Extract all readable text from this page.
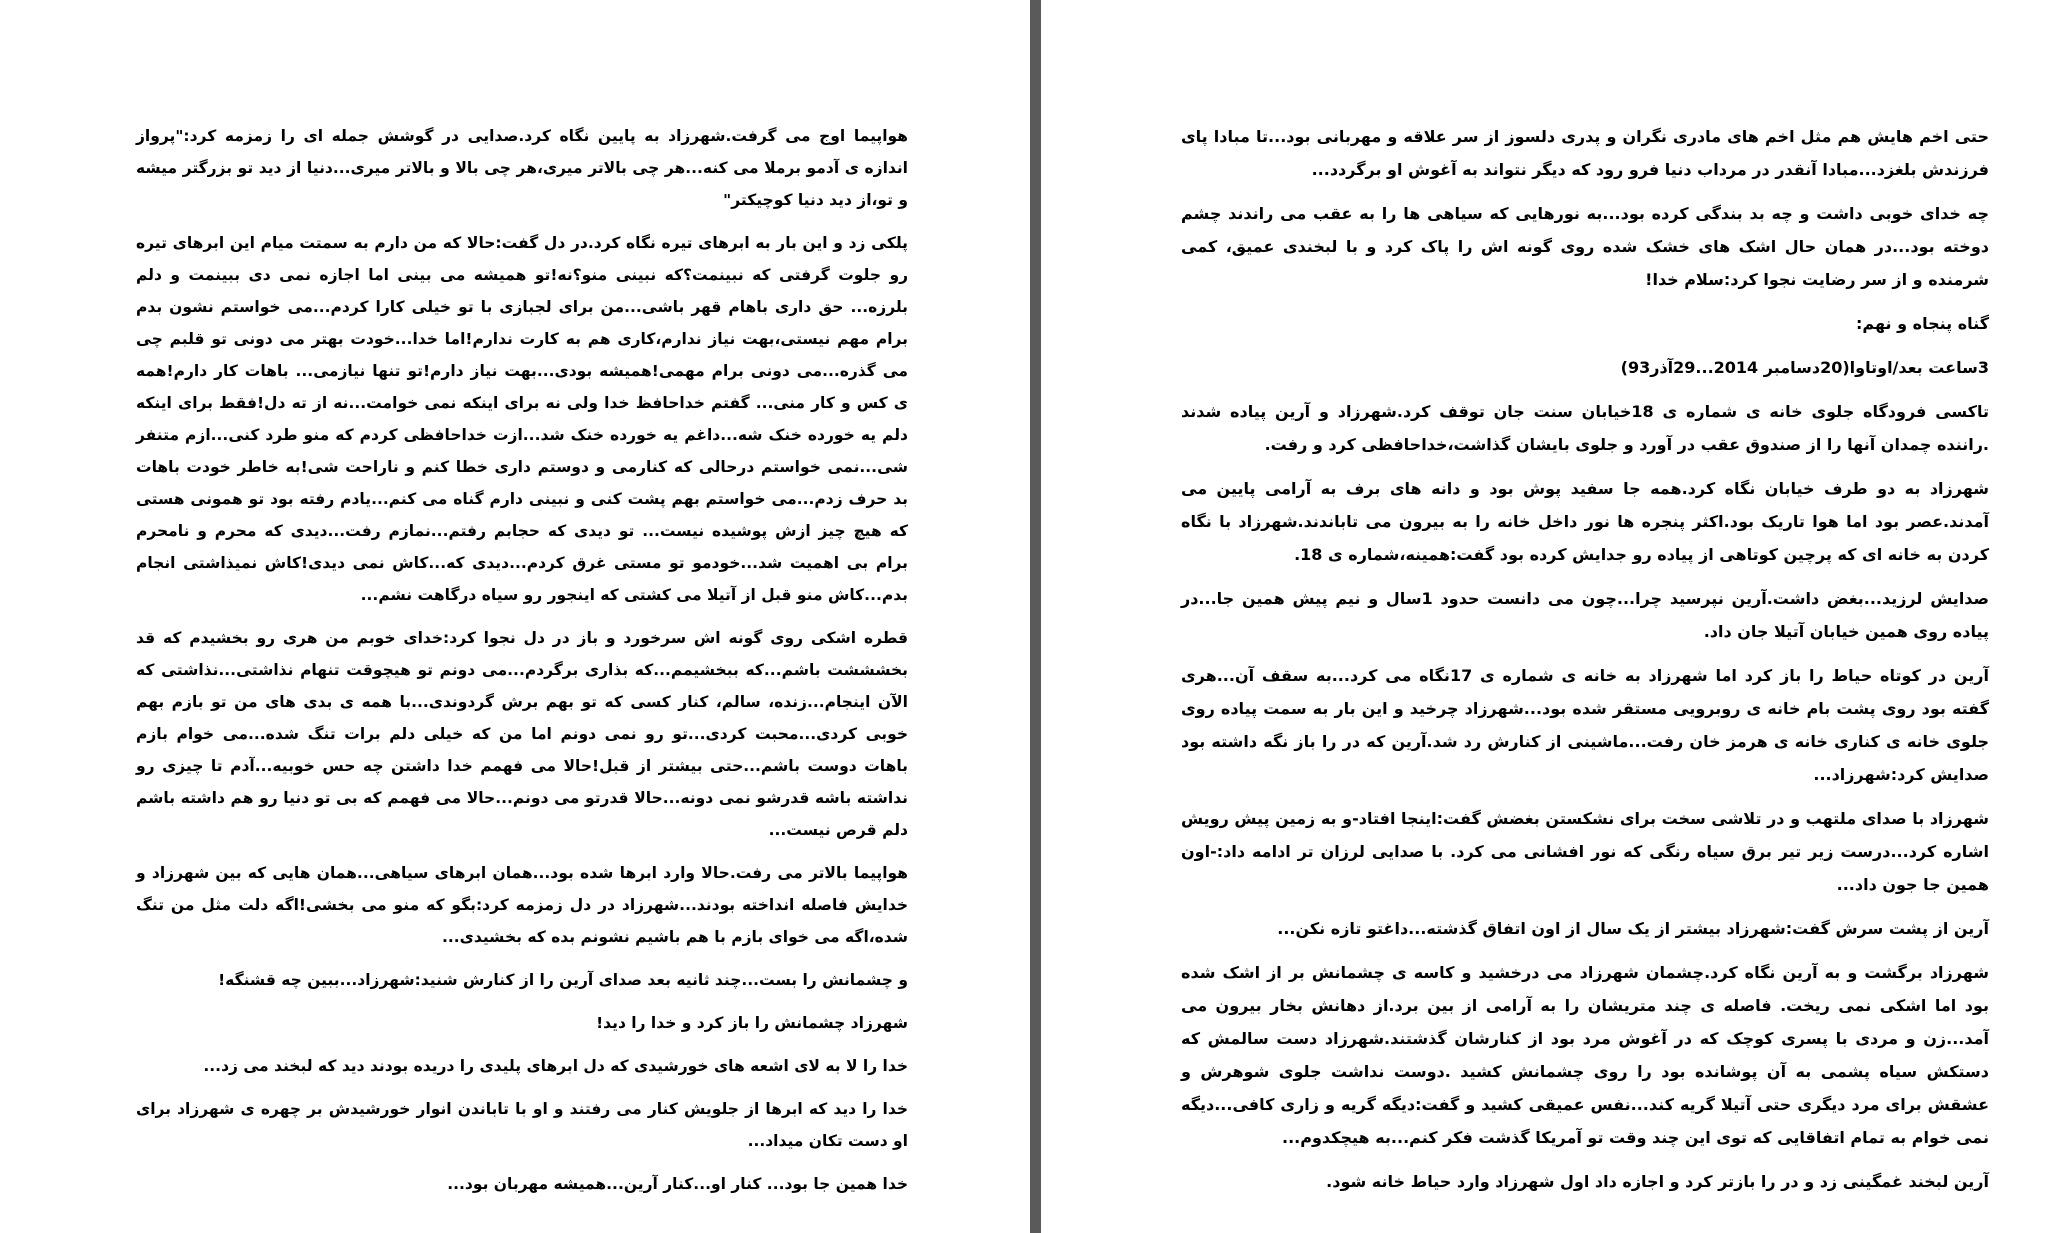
هواپیما اوج می گرفت.شهرزاد به پایین نگاه کرد.صدایی در گوشش جمله ای را زمزمه کرد:"پرواز اندازه ی آدمو برملا می کنه...هر چی بالاتر میری،هر چی بالا و بالاتر میری...دنیا از دید تو بزرگتر میشه و تو،از دید دنیا کوچیکتر"

پلکی زد و این بار به ابرهای تیره نگاه کرد.در دل گفت:حالا که من دارم به سمتت میام این ابرهای تیره رو جلوت گرفتی که نبینمت؟که نبینی منو؟نه!تو همیشه می بینی اما اجازه نمی دی ببینمت و دلم بلرزه... حق داری باهام قهر باشی...من برای لجبازی با تو خیلی کارا کردم...می خواستم نشون بدم برام مهم نیستی،بهت نیاز ندارم،کاری هم به کارت ندارم!اما خدا...خودت بهتر می دونی تو قلبم چی می گذره...می دونی برام مهمی!همیشه بودی...بهت نیاز دارم!تو تنها نیازمی... باهات کار دارم!همه ی کس و کار منی... گفتم خداحافظ خدا ولی نه برای اینکه نمی خوامت...نه از ته دل!فقط برای اینکه دلم یه خورده خنک شه...داغم یه خورده خنک شد...ازت خداحافظی کردم که منو طرد کنی...ازم متنفر شی...نمی خواستم درحالی که کنارمی و دوستم داری خطا کنم و ناراحت شی!به خاطر خودت باهات بد حرف زدم...می خواستم بهم پشت کنی و نبینی دارم گناه می کنم...یادم رفته بود تو همونی هستی که هیچ چیز ازش پوشیده نیست... تو دیدی که حجابم رفتم...نمازم رفت...دیدی که محرم و نامحرم برام بی اهمیت شد...خودمو تو مستی غرق کردم...دیدی که...کاش نمی دیدی!کاش نمیذاشتی انجام بدم...کاش منو قبل از آتیلا می کشتی که اینجور رو سیاه درگاهت نشم...

قطره اشکی روی گونه اش سرخورد و باز در دل نجوا کرد:خدای خوبم من هری رو بخشیدم که قد بخشششت باشم...که ببخشیمم...که بذاری برگردم...می دونم تو هیچوقت تنهام نذاشتی...نذاشتی که الآن اینجام...زنده، سالم، کنار کسی که تو بهم برش گردوندی...با همه ی بدی های من تو بازم بهم خوبی کردی...محبت کردی...تو رو نمی دونم اما من که خیلی دلم برات تنگ شده...می خوام بازم باهات دوست باشم...حتی بیشتر از قبل!حالا می فهمم خدا داشتن چه حس خوبیه...آدم تا چیزی رو نداشته باشه قدرشو نمی دونه...حالا قدرتو می دونم...حالا می فهمم که بی تو دنیا رو هم داشته باشم دلم قرص نیست...

هواپیما بالاتر می رفت.حالا وارد ابرها شده بود...همان ابرهای سیاهی...همان هایی که بین شهرزاد و خدایش فاصله انداخته بودند...شهرزاد در دل زمزمه کرد:بگو که منو می بخشی!اگه دلت مثل من تنگ شده،اگه می خوای بازم با هم باشیم نشونم بده که بخشیدی...

و چشمانش را بست...چند ثانیه بعد صدای آرین را از کنارش شنید:شهرزاد...ببین چه قشنگه!

شهرزاد چشمانش را باز کرد و خدا را دید!

خدا را لا به لای اشعه های خورشیدی که دل ابرهای پلیدی را دریده بودند دید که لبخند می زد...

خدا را دید که ابرها از جلویش کنار می رفتند و او با تاباندن انوار خورشیدش بر چهره ی شهرزاد برای او دست تکان میداد...

خدا همین جا بود... کنار او...کنار آرین...همیشه مهربان بود...

حتی اخم هایش هم مثل اخم های مادری نگران و پدری دلسوز از سر علاقه و مهربانی بود...تا مبادا پای فرزندش بلغزد...مبادا آنقدر در مرداب دنیا فرو رود که دیگر نتواند به آغوش او برگردد...

چه خدای خوبی داشت و چه بد بندگی کرده بود...به نورهایی که سیاهی ها را به عقب می راندند چشم دوخته بود...در همان حال اشک های خشک شده روی گونه اش را پاک کرد و با لبخندی عمیق، کمی شرمنده و از سر رضایت نجوا کرد:سلام خدا!

گناه پنجاه و نهم:

3ساعت بعد/اوتاوا(20دسامبر 2014...29آذر93)

تاکسی فرودگاه جلوی خانه ی شماره ی 18خیابان سنت جان توقف کرد.شهرزاد و آرین پیاده شدند .راننده چمدان آنها را از صندوق عقب در آورد و جلوی بایشان گذاشت،خداحافظی کرد و رفت.

شهرزاد به دو طرف خیابان نگاه کرد.همه جا سفید پوش بود و دانه های برف به آرامی پایین می آمدند.عصر بود اما هوا تاریک بود.اکثر پنجره ها نور داخل خانه را به بیرون می تاباندند.شهرزاد با نگاه کردن به خانه ای که پرچین کوتاهی از پیاده رو جدایش کرده بود گفت:همینه،شماره ی 18.

صدایش لرزید...بغض داشت.آرین نپرسید چرا...چون می دانست حدود 1سال و نیم پیش همین جا...در پیاده روی همین خیابان آتیلا جان داد.

آرین در کوتاه حیاط را باز کرد اما شهرزاد به خانه ی شماره ی 17نگاه می کرد...به سقف آن...هری گفته بود روی پشت بام خانه ی روبرویی مستقر شده بود...شهرزاد چرخید و این بار به سمت پیاده روی جلوی خانه ی کناری خانه ی هرمز خان رفت...ماشینی از کنارش رد شد.آرین که در را باز نگه داشته بود صدایش کرد:شهرزاد...

شهرزاد با صدای ملتهب و در تلاشی سخت برای نشکستن بغضش گفت:اینجا افتاد-و به زمین پیش رویش اشاره کرد...درست زیر تیر برق سیاه رنگی که نور افشانی می کرد. با صدایی لرزان تر ادامه داد:-اون همین جا جون داد...

آرین از پشت سرش گفت:شهرزاد بیشتر از یک سال از اون اتفاق گذشته...داغتو تازه نکن...

شهرزاد برگشت و به آرین نگاه کرد.چشمان شهرزاد می درخشید و کاسه ی چشمانش بر از اشک شده بود اما اشکی نمی ریخت. فاصله ی چند متریشان را به آرامی از بین برد.از دهانش بخار بیرون می آمد...زن و مردی با پسری کوچک که در آغوش مرد بود از کنارشان گذشتند.شهرزاد دست سالمش که دستکش سیاه پشمی به آن پوشانده بود را روی چشمانش کشید .دوست نداشت جلوی شوهرش و عشقش برای مرد دیگری حتی آتیلا گریه کند...نفس عمیقی کشید و گفت:دیگه گریه و زاری کافی...دیگه نمی خوام به تمام اتفاقایی که توی این چند وقت تو آمریکا گذشت فکر کنم...به هیچکدوم...

آرین لبخند غمگینی زد و در را بازتر کرد و اجازه داد اول شهرزاد وارد حیاط خانه شود.
